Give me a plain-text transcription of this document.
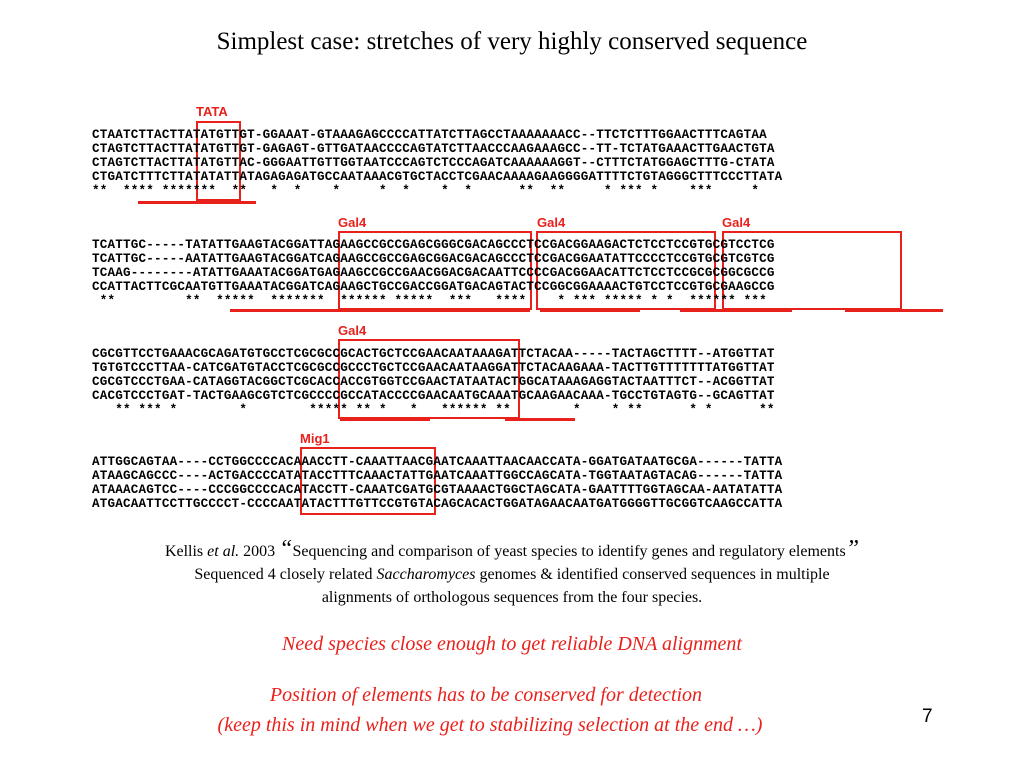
Simplest case: stretches of very highly conserved sequence
TATA
CTAATCTTACTTATATGTTGT-GGAAAT-GTAAAGAGCCCCATTATCTTAGCCTAAAAAAACC--TTCTCTTTGGAACTTTCAGTAA
CTAGTCTTACTTATATGTTGT-GAGAGT-GTTGATAACCCCAGTATCTTAACCCAAGAAAGCC--TT-TCTATGAAACTTGAACTGTA
CTAGTCTTACTTATATGTTAC-GGGAATTGTTGGTAATCCCAGTCTCCCAGATCAAAAAAGGT--CTTTCTATGGAGCTTTG-CTATA
CTGATCTTTCTTATATATTATAGAGAGATGCCAATAAACGTGCTACCTCGAACAAAAGAAGGGGATTTTCTGTAGGGCTTTCCCTTATA
**  **** *******  **   *  *    *     *  *    *  *      **  **     * *** *    ***     *
Gal4	Gal4	Gal4
TCATTGC-----TATATTGAAGTACGGATTAGAAGCCGCCGAGCGGGCGACAGCCCTCCGACGGAAGACTCTCCTCCGTGCGTCCTCG
TCATTGC-----AATATTGAAGTACGGATCAGAAGCCGCCGAGCGGACGACAGCCCTCCGACGGAATATTCCCCTCCGTGCGTCGTCG
TCAAG--------ATATTGAAATACGGATGAGAAGCCGCCGAACGGACGACAATTCCCCGACGGAACATTCTCCTCCGCGCGGCGCCG
CCATTACTTCGCAATGTTGAAATACGGATCAGAAGCTGCCGACCGGATGACAGTACTCCGGCGGAAAACTGTCCTCCGTGCGAAGCCG
**         **  *****  *******  ****** *****  ***   ****    * *** ***** * *  ****** ***
Gal4
CGCGTTCCTGAAACGCAGATGTGCCTCGCGCCGCACTGCTCCGAACAATAAAGATTCTACAA-----TACTAGCTTTT--ATGGTTAT
TGTGTCCCTTAA-CATCGATGTACCTCGCGCCGCCCTGCTCCGAACAATAAGGATTCTACAAGAAA-TACTTGTTTTTTTATGGTTAT
CGCGTCCCTGAA-CATAGGTACGGCTCGCACCACCGTGGTCCGAACTATAATACTGGCATAAAGAGGTACTAATTTCT--ACGGTTAT
CACGTCCCTGAT-TACTGAAGCGTCTCGCCCCGCCATACCCCGAACAATGCAAATGCAAGAACAAA-TGCCTGTAGTG--GCAGTTAT
** *** *        *        ***** ** *   *   ****** **        *    * **      * *      **
Mig1
ATTGGCAGTAA----CCTGGCCCCACAAACCTT-CAAATTAACGAATCAAATTAACAACCATA-GGATGATAATGCGA------TATTA
ATAAGCAGCCC----ACTGACCCCATATACCTTTCAAACTATTGAATCAAATTGGCCAGCATA-TGGTAATAGTACAG------TATTA
ATAAACAGTCC----CCCGGCCCCACATACCTT-CAAATCGATGCGTAAAACTGGCTAGCATA-GAATTTTGGTAGCAA-AATATATTA
ATGACAATTCCTTGCCCCT-CCCCAATATACTTTGTTCCGTGTACAGCACACTGGATAGAACAATGATGGGGTTGCGGTCAAGCCATTA
Kellis et al. 2003 “Sequencing and comparison of yeast species to identify genes and regulatory elements”
Sequenced 4 closely related Saccharomyces genomes & identified conserved sequences in multiple
alignments of orthologous sequences from the four species.
Need species close enough to get reliable DNA alignment
Position of elements has to be conserved for detection
(keep this in mind when we get to stabilizing selection at the end …)	7
